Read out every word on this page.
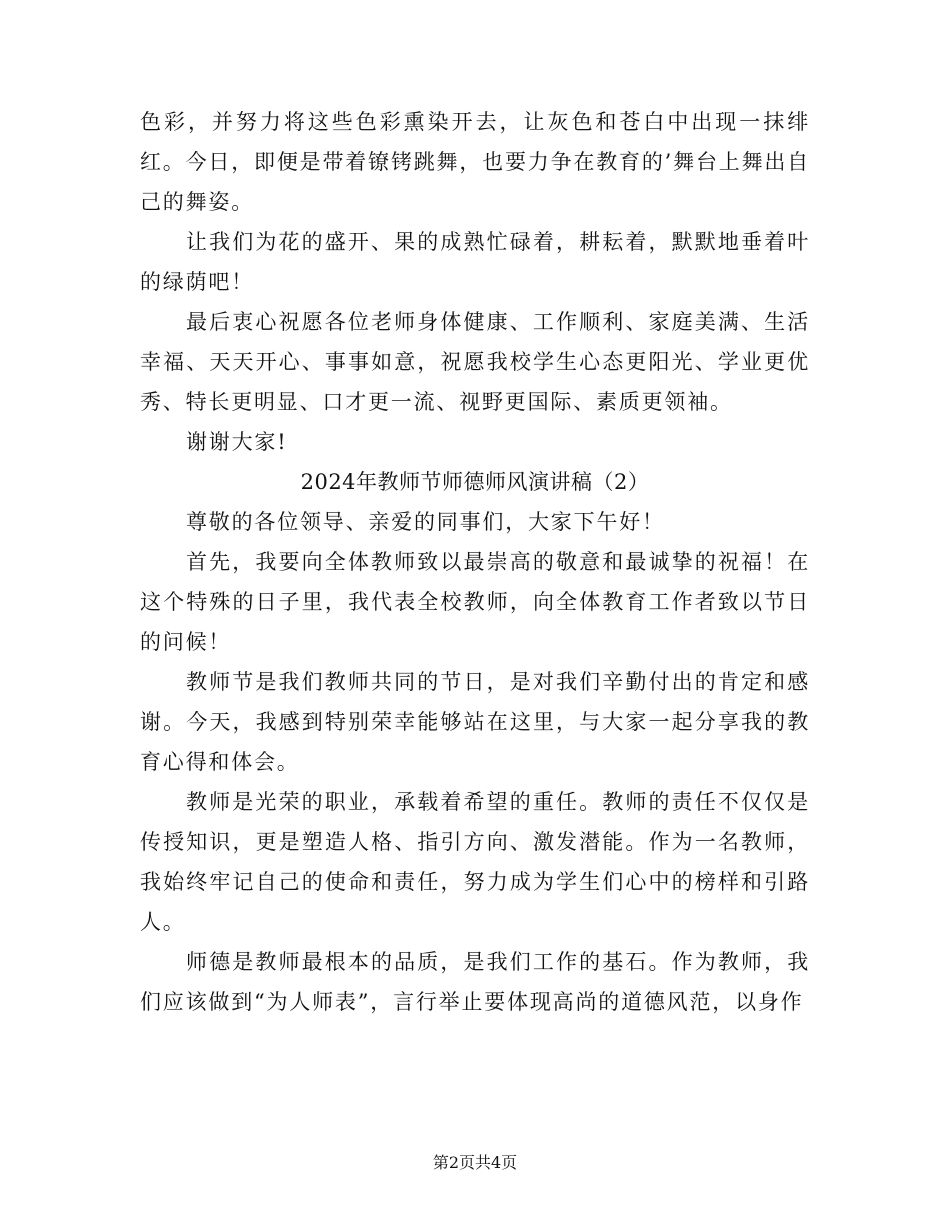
色彩，并努力将这些色彩熏染开去，让灰色和苍白中出现一抹绯红。今日，即便是带着镣铐跳舞，也要力争在教育的’舞台上舞出自己的舞姿。

让我们为花的盛开、果的成熟忙碌着，耕耘着，默默地垂着叶的绿荫吧！

最后衷心祝愿各位老师身体健康、工作顺利、家庭美满、生活幸福、天天开心、事事如意，祝愿我校学生心态更阳光、学业更优秀、特长更明显、口才更一流、视野更国际、素质更领袖。

谢谢大家!

2024年教师节师德师风演讲稿（2）

尊敬的各位领导、亲爱的同事们，大家下午好！

首先，我要向全体教师致以最崇高的敬意和最诚挚的祝福！在这个特殊的日子里，我代表全校教师，向全体教育工作者致以节日的问候！

教师节是我们教师共同的节日，是对我们辛勤付出的肯定和感谢。今天，我感到特别荣幸能够站在这里，与大家一起分享我的教育心得和体会。

教师是光荣的职业，承载着希望的重任。教师的责任不仅仅是传授知识，更是塑造人格、指引方向、激发潜能。作为一名教师，我始终牢记自己的使命和责任，努力成为学生们心中的榜样和引路人。

师德是教师最根本的品质，是我们工作的基石。作为教师，我们应该做到“为人师表”，言行举止要体现高尚的道德风范，以身作

第2页共4页
